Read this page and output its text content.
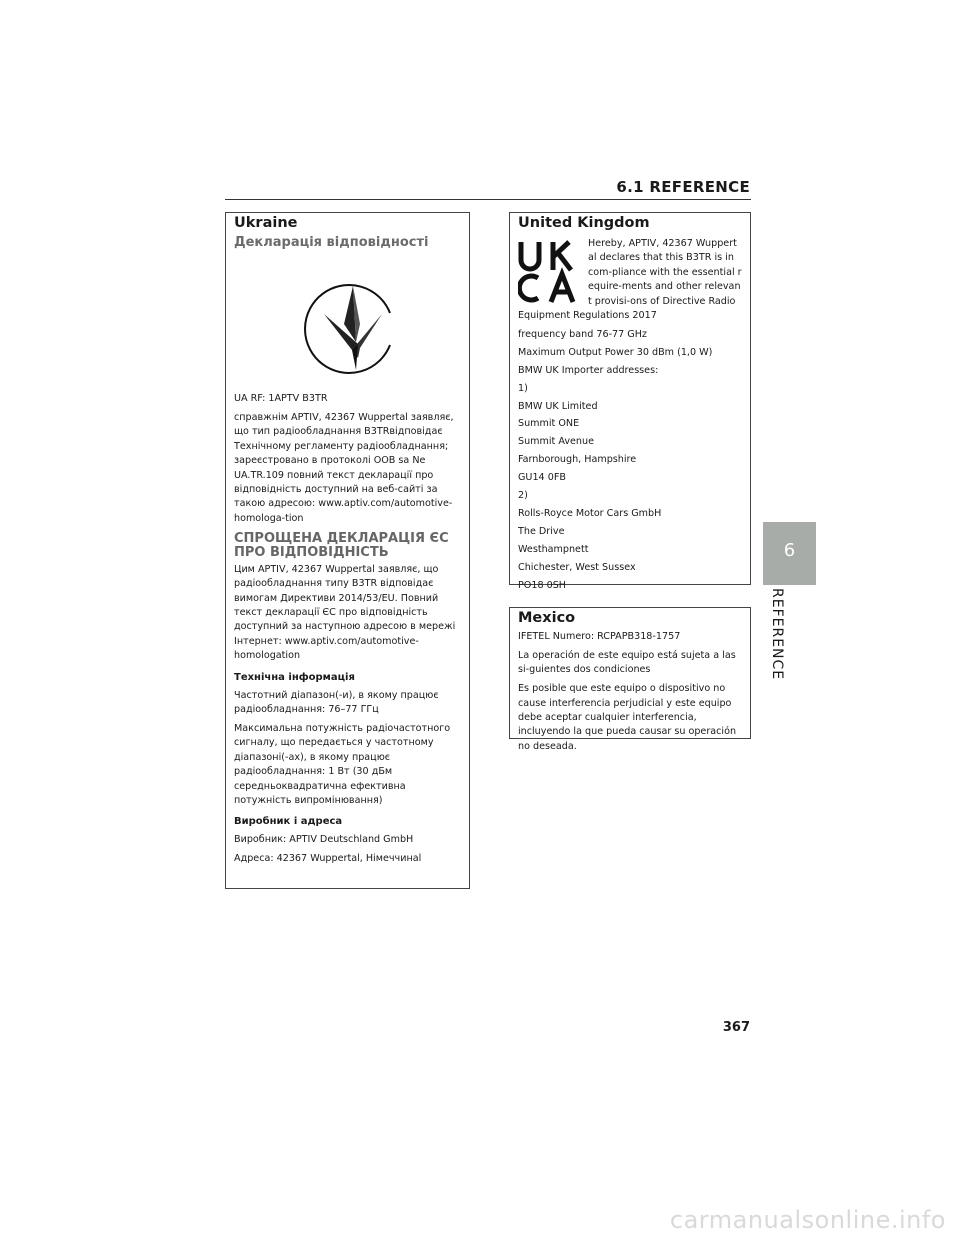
6.1 REFERENCE
6
REFERENCE
Ukraine
Декларація відповідності

UA RF: 1APTV B3TR

справжнім APTIV, 42367 Wuppertal заявляє, що тип радіообладнання B3TRвідповідає Технічному регламенту радіообладнання; зареєстровано в протоколі OOB sa Ne UA.TR.109 повний текст декларації про відповідність доступний на веб-сайті за такою адресою: www.aptiv.com/automotive-homologa-tion

СПРОЩЕНА ДЕКЛАРАЦІЯ ЄС ПРО ВІДПОВІДНІСТЬ

Цим APTIV, 42367 Wuppertal заявляє, що радіообладнання типу B3TR відповідає вимогам Директиви 2014/53/EU. Повний текст декларації ЄС про відповідність доступний за наступною адресою в мережі Інтернет: www.aptiv.com/automotive-homologation

Технічна інформація

Частотний діапазон(-и), в якому працює радіообладнання: 76–77 ГГц

Максимальна потужність радіочастотного сигналу, що передається у частотному діапазоні(-ах), в якому працює радіообладнання: 1 Вт (30 дБм середньоквадратична ефективна потужність випромінювання)

Виробник і адреса

Виробник: APTIV Deutschland GmbH

Адреса: 42367 Wuppertal, Німеччинаl

United Kingdom

Hereby, APTIV, 42367 Wuppertal declares that this B3TR is in com-pliance with the essential require-ments and other relevant provisi-ons of Directive Radio Equipment Regulations 2017

frequency band 76-77 GHz

Maximum Output Power 30 dBm (1,0 W)

BMW UK Importer addresses:

1)

BMW UK Limited

Summit ONE

Summit Avenue

Farnborough, Hampshire

GU14 0FB

2)

Rolls-Royce Motor Cars GmbH

The Drive

Westhampnett

Chichester, West Sussex

PO18 0SH

Mexico

IFETEL Numero: RCPAPB318-1757

La operación de este equipo está sujeta a las si-guientes dos condiciones

Es posible que este equipo o dispositivo no cause interferencia perjudicial y este equipo debe aceptar cualquier interferencia, incluyendo la que pueda causar su operación no deseada.

367
carmanualsonline.info
